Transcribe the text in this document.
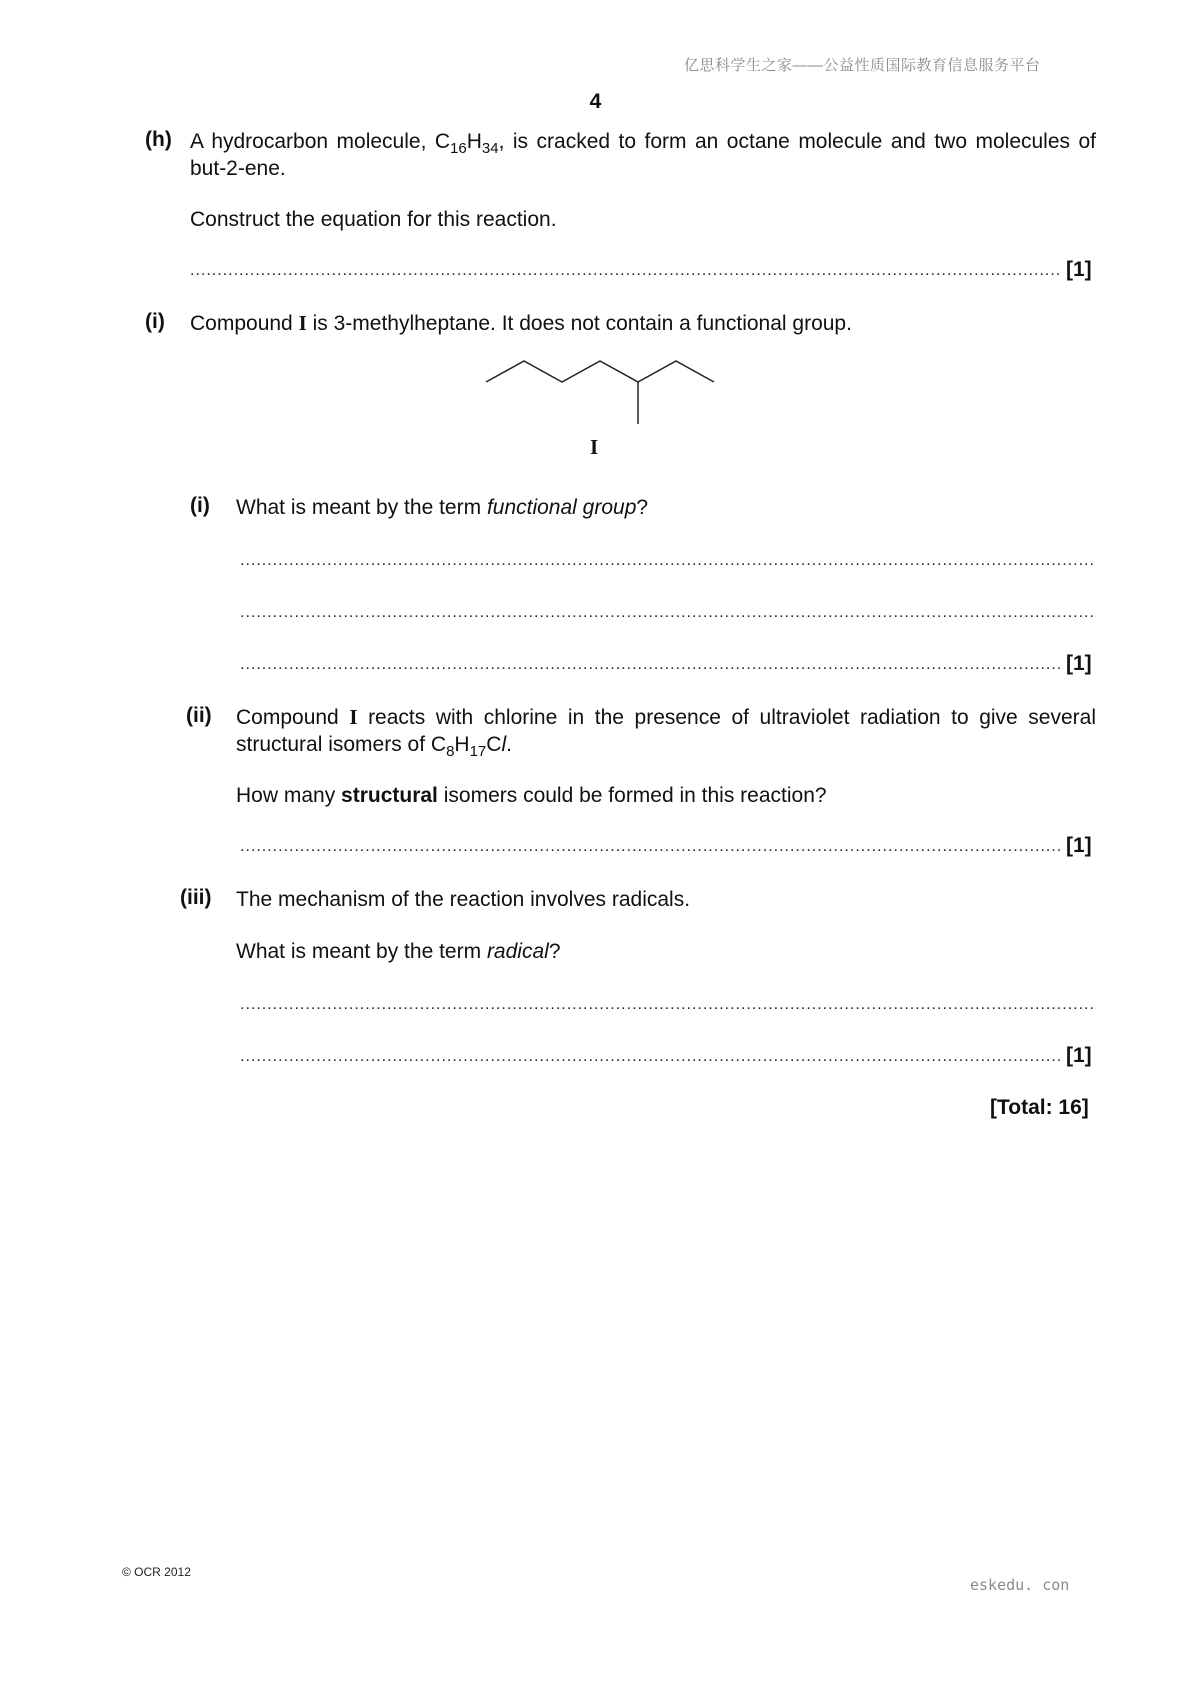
亿思科学生之家——公益性质国际教育信息服务平台
4
(h) A hydrocarbon molecule, $C_{16}H_{34}$, is cracked to form an octane molecule and two molecules of but-2-ene.
Construct the equation for this reaction.
.....
[1]
(i) Compound I is 3-methylheptane. It does not contain a functional group.
I
(i) What is meant by the term functional group?
.....
.....
.....
[1]
(ii) Compound I reacts with chlorine in the presence of ultraviolet radiation to give several structural isomers of $C_8H_{17}Cl$.
How many structural isomers could be formed in this reaction?
.....
[1]
(iii) The mechanism of the reaction involves radicals.
What is meant by the term radical?
.....
.....
[1]
[Total: 16]
© OCR 2012
eskedu. con
